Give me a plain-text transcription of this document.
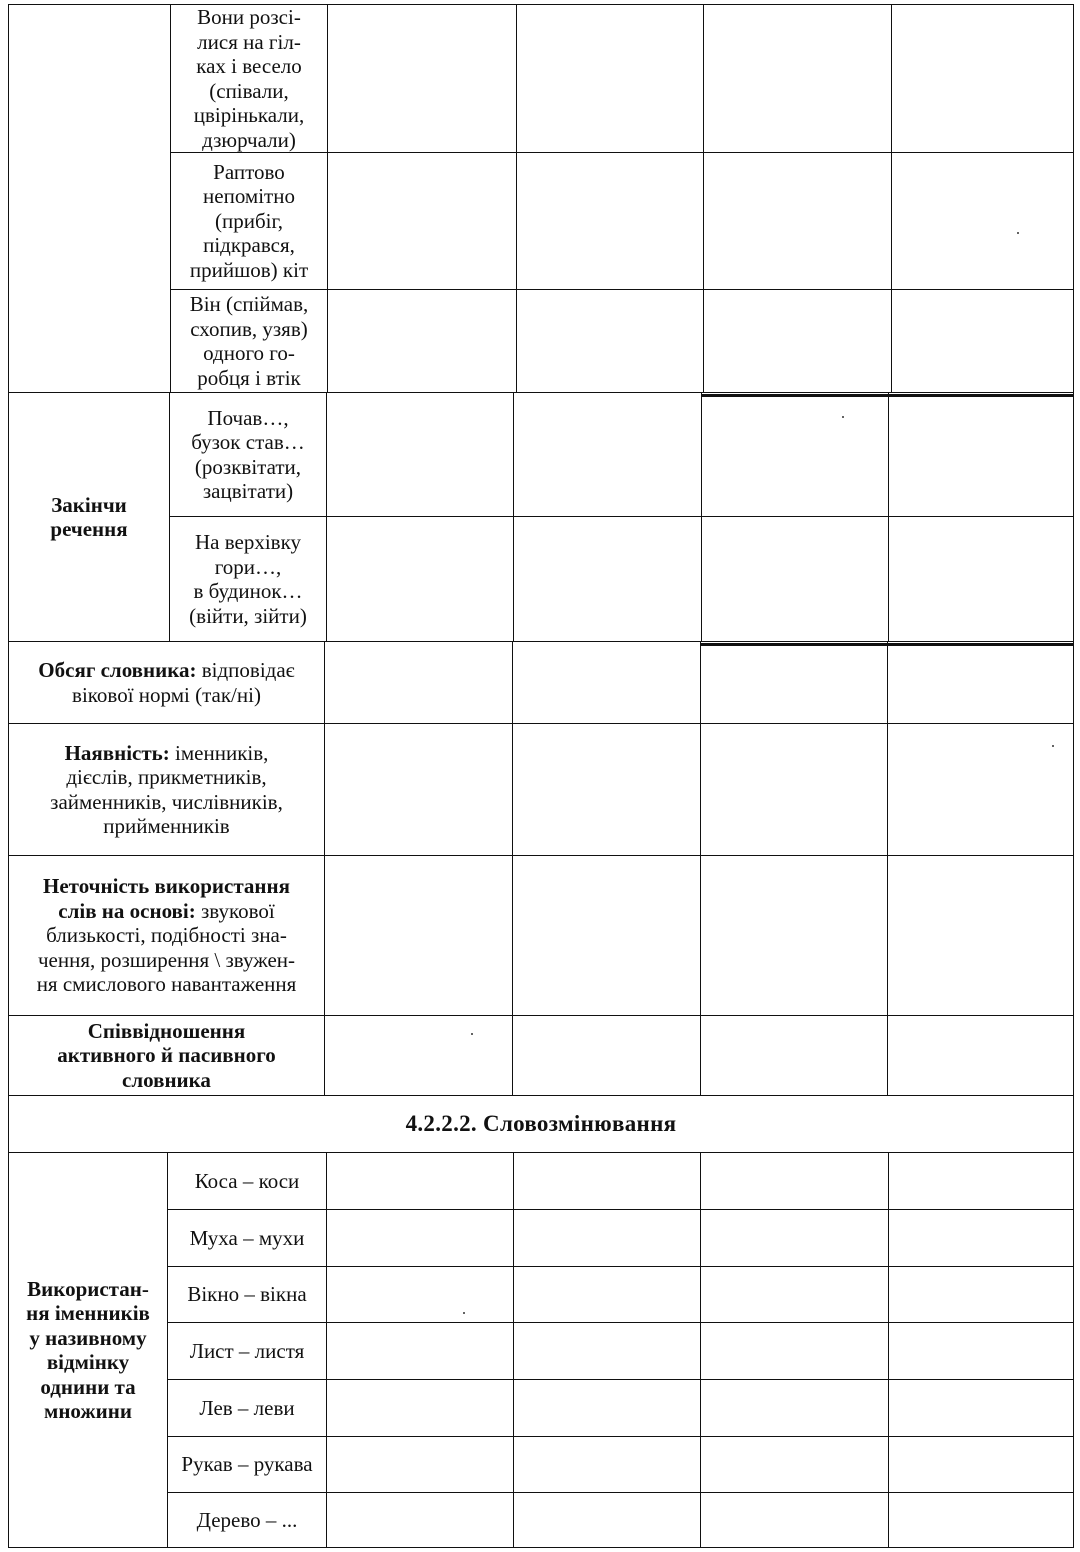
Вони розсі-
лися на гіл-
ках і весело
(співали,
цвірінькали,
дзюрчали)
Раптово
непомітно
(прибіг,
підкрався,
прийшов) кіт
Він (спіймав,
схопив, узяв)
одного го-
робця і втік
Закінчи
речення
Почав…,
бузок став…
(розквітати,
зацвітати)
На верхівку
гори…,
в будинок…
(війти, зійти)
Обсяг словника: відповідає
вікової нормі (так/ні)
Наявність: іменників,
дієслів, прикметників,
займенників, числівників,
прийменників
Неточність використання
слів на основі: звукової
близькості, подібності зна-
чення, розширення \ звужен-
ня смислового навантаження
Співвідношення
активного й пасивного
словника
4.2.2.2. Словозмінювання
Використан-
ня іменників
у називному
відмінку
однини та
множини
Коса – коси
Муха – мухи
Вікно – вікна
Лист – листя
Лев – леви
Рукав – рукава
Дерево – ...
